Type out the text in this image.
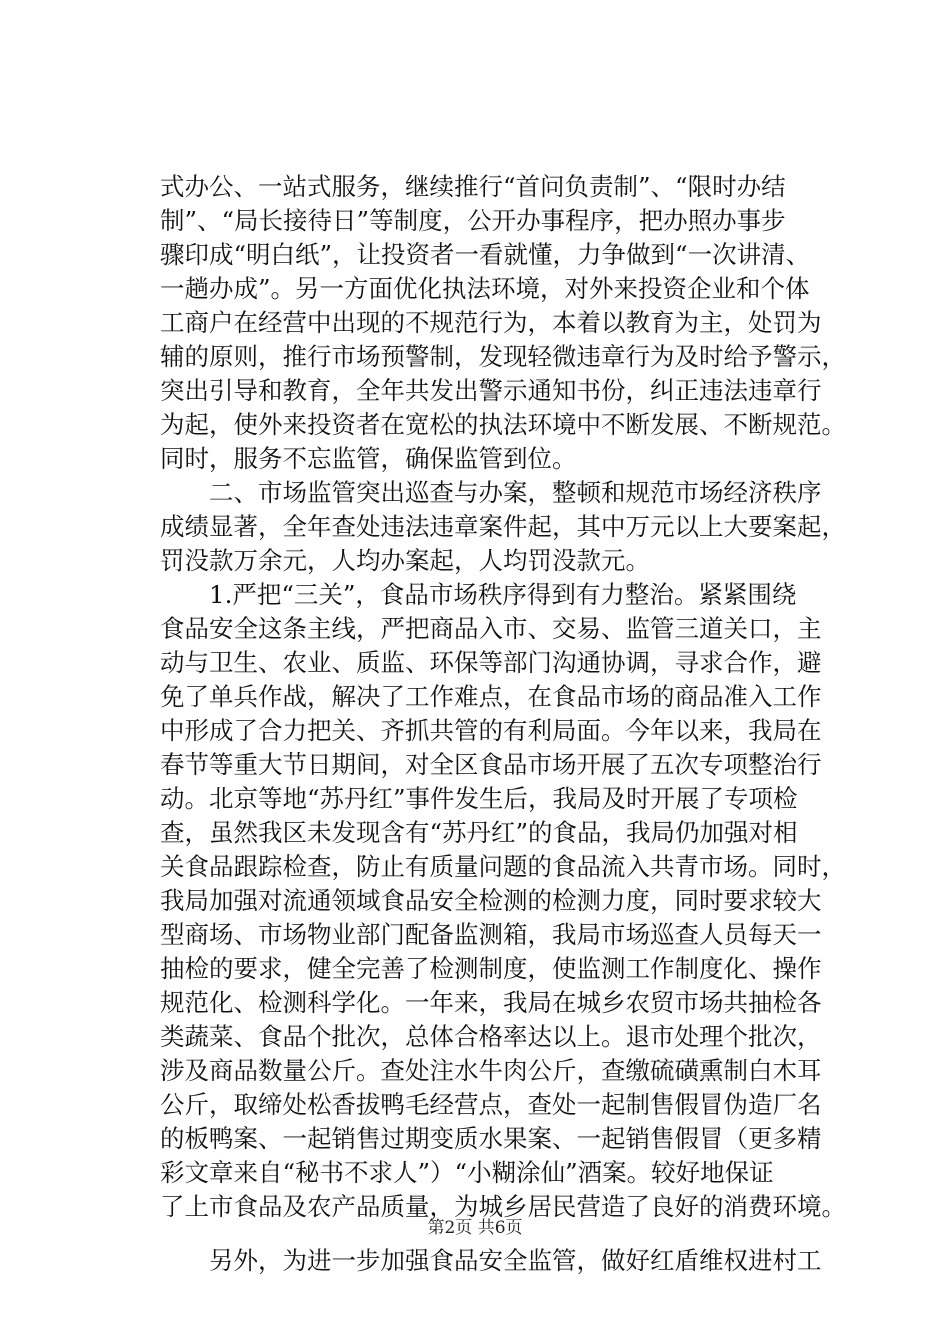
式办公、一站式服务，继续推行“首问负责制”、“限时办结
制”、“局长接待日”等制度，公开办事程序，把办照办事步
骤印成“明白纸”，让投资者一看就懂，力争做到“一次讲清、
一趟办成”。另一方面优化执法环境，对外来投资企业和个体
工商户在经营中出现的不规范行为，本着以教育为主，处罚为
辅的原则，推行市场预警制，发现轻微违章行为及时给予警示，
突出引导和教育，全年共发出警示通知书份，纠正违法违章行
为起，使外来投资者在宽松的执法环境中不断发展、不断规范。
同时，服务不忘监管，确保监管到位。
　　二、市场监管突出巡查与办案，整顿和规范市场经济秩序
成绩显著，全年查处违法违章案件起，其中万元以上大要案起，
罚没款万余元，人均办案起，人均罚没款元。
　　1.严把“三关”，食品市场秩序得到有力整治。紧紧围绕
食品安全这条主线，严把商品入市、交易、监管三道关口，主
动与卫生、农业、质监、环保等部门沟通协调，寻求合作，避
免了单兵作战，解决了工作难点，在食品市场的商品准入工作
中形成了合力把关、齐抓共管的有利局面。今年以来，我局在
春节等重大节日期间，对全区食品市场开展了五次专项整治行
动。北京等地“苏丹红”事件发生后，我局及时开展了专项检
查，虽然我区未发现含有“苏丹红”的食品，我局仍加强对相
关食品跟踪检查，防止有质量问题的食品流入共青市场。同时，
我局加强对流通领域食品安全检测的检测力度，同时要求较大
型商场、市场物业部门配备监测箱，我局市场巡查人员每天一
抽检的要求，健全完善了检测制度，使监测工作制度化、操作
规范化、检测科学化。一年来，我局在城乡农贸市场共抽检各
类蔬菜、食品个批次，总体合格率达以上。退市处理个批次，
涉及商品数量公斤。查处注水牛肉公斤，查缴硫磺熏制白木耳
公斤，取缔处松香拔鸭毛经营点，查处一起制售假冒伪造厂名
的板鸭案、一起销售过期变质水果案、一起销售假冒（更多精
彩文章来自“秘书不求人”）“小糊涂仙”酒案。较好地保证
了上市食品及农产品质量，为城乡居民营造了良好的消费环境。
　　另外，为进一步加强食品安全监管，做好红盾维权进村工
第2页 共6页
